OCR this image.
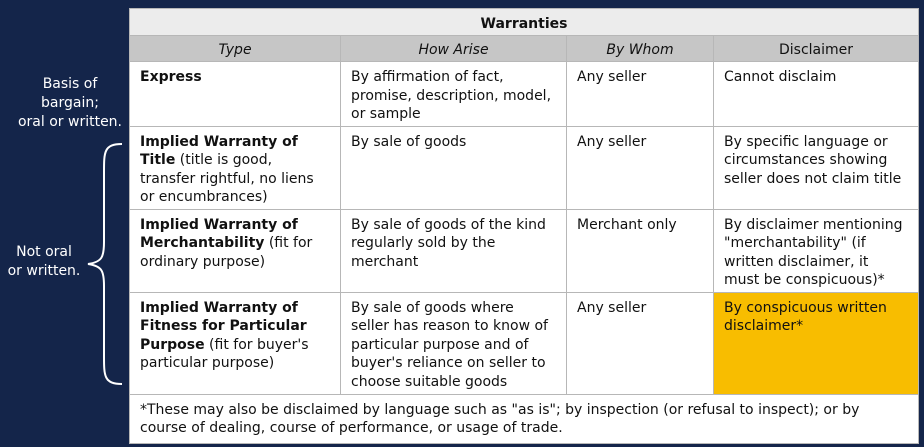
Basis of
bargain;
oral or written.
Not oral
or written.
Warranties			
Type	How Arise	By Whom	Disclaimer
Express	By affirmation of fact, promise, description, model, or sample	Any seller	Cannot disclaim
Implied Warranty of Title (title is good, transfer rightful, no liens or encumbrances)	By sale of goods	Any seller	By specific language or circumstances showing seller does not claim title
Implied Warranty of Merchantability (fit for ordinary purpose)	By sale of goods of the kind regularly sold by the merchant	Merchant only	By disclaimer mentioning "merchantability" (if written disclaimer, it must be conspicuous)*
Implied Warranty of Fitness for Particular Purpose (fit for buyer's particular purpose)	By sale of goods where seller has reason to know of particular purpose and of buyer's reliance on seller to choose suitable goods	Any seller	By conspicuous written disclaimer*
*These may also be disclaimed by language such as "as is"; by inspection (or refusal to inspect); or by course of dealing, course of performance, or usage of trade.			
